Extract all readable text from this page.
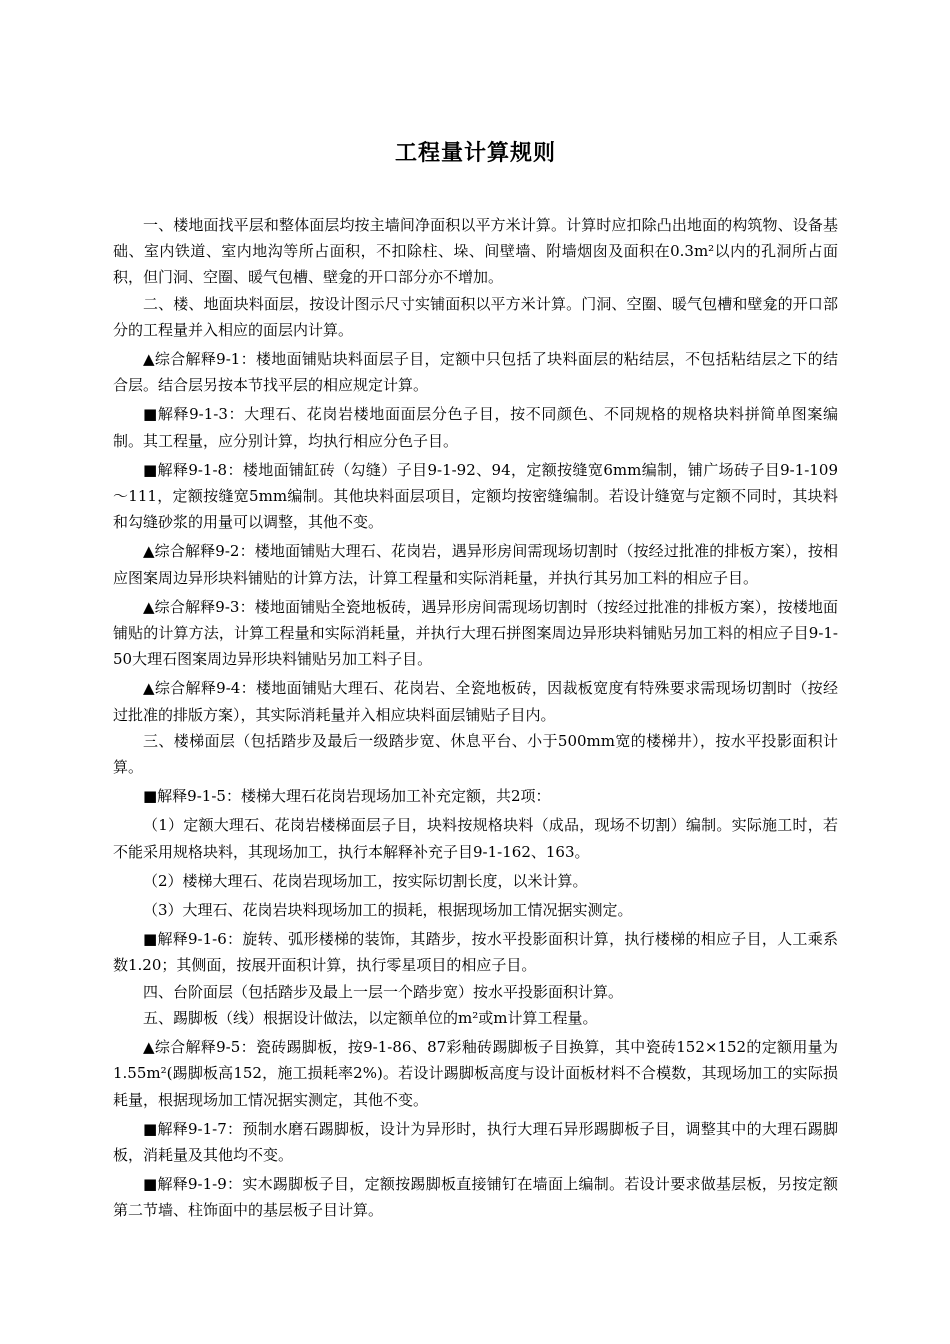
工程量计算规则

一、楼地面找平层和整体面层均按主墙间净面积以平方米计算。计算时应扣除凸出地面的构筑物、设备基础、室内铁道、室内地沟等所占面积，不扣除柱、垛、间壁墙、附墙烟囱及面积在0.3m²以内的孔洞所占面积，但门洞、空圈、暖气包槽、壁龛的开口部分亦不增加。

二、楼、地面块料面层，按设计图示尺寸实铺面积以平方米计算。门洞、空圈、暖气包槽和壁龛的开口部分的工程量并入相应的面层内计算。

▲综合解释9-1：楼地面铺贴块料面层子目，定额中只包括了块料面层的粘结层，不包括粘结层之下的结合层。结合层另按本节找平层的相应规定计算。

■解释9-1-3：大理石、花岗岩楼地面面层分色子目，按不同颜色、不同规格的规格块料拼简单图案编制。其工程量，应分别计算，均执行相应分色子目。

■解释9-1-8：楼地面铺缸砖（勾缝）子目9-1-92、94，定额按缝宽6mm编制，铺广场砖子目9-1-109～111，定额按缝宽5mm编制。其他块料面层项目，定额均按密缝编制。若设计缝宽与定额不同时，其块料和勾缝砂浆的用量可以调整，其他不变。

▲综合解释9-2：楼地面铺贴大理石、花岗岩，遇异形房间需现场切割时（按经过批准的排板方案），按相应图案周边异形块料铺贴的计算方法，计算工程量和实际消耗量，并执行其另加工料的相应子目。

▲综合解释9-3：楼地面铺贴全瓷地板砖，遇异形房间需现场切割时（按经过批准的排板方案），按楼地面铺贴的计算方法，计算工程量和实际消耗量，并执行大理石拼图案周边异形块料铺贴另加工料的相应子目9-1-50大理石图案周边异形块料铺贴另加工料子目。

▲综合解释9-4：楼地面铺贴大理石、花岗岩、全瓷地板砖，因裁板宽度有特殊要求需现场切割时（按经过批准的排版方案），其实际消耗量并入相应块料面层铺贴子目内。

三、楼梯面层（包括踏步及最后一级踏步宽、休息平台、小于500mm宽的楼梯井），按水平投影面积计算。

■解释9-1-5：楼梯大理石花岗岩现场加工补充定额，共2项：

（1）定额大理石、花岗岩楼梯面层子目，块料按规格块料（成品，现场不切割）编制。实际施工时，若不能采用规格块料，其现场加工，执行本解释补充子目9-1-162、163。

（2）楼梯大理石、花岗岩现场加工，按实际切割长度，以米计算。

（3）大理石、花岗岩块料现场加工的损耗，根据现场加工情况据实测定。

■解释9-1-6：旋转、弧形楼梯的装饰，其踏步，按水平投影面积计算，执行楼梯的相应子目，人工乘系数1.20；其侧面，按展开面积计算，执行零星项目的相应子目。

四、台阶面层（包括踏步及最上一层一个踏步宽）按水平投影面积计算。

五、踢脚板（线）根据设计做法，以定额单位的m²或m计算工程量。

▲综合解释9-5：瓷砖踢脚板，按9-1-86、87彩釉砖踢脚板子目换算，其中瓷砖152×152的定额用量为1.55m²(踢脚板高152，施工损耗率2%)。若设计踢脚板高度与设计面板材料不合模数，其现场加工的实际损耗量，根据现场加工情况据实测定，其他不变。

■解释9-1-7：预制水磨石踢脚板，设计为异形时，执行大理石异形踢脚板子目，调整其中的大理石踢脚板，消耗量及其他均不变。

■解释9-1-9：实木踢脚板子目，定额按踢脚板直接铺钉在墙面上编制。若设计要求做基层板，另按定额第二节墙、柱饰面中的基层板子目计算。
